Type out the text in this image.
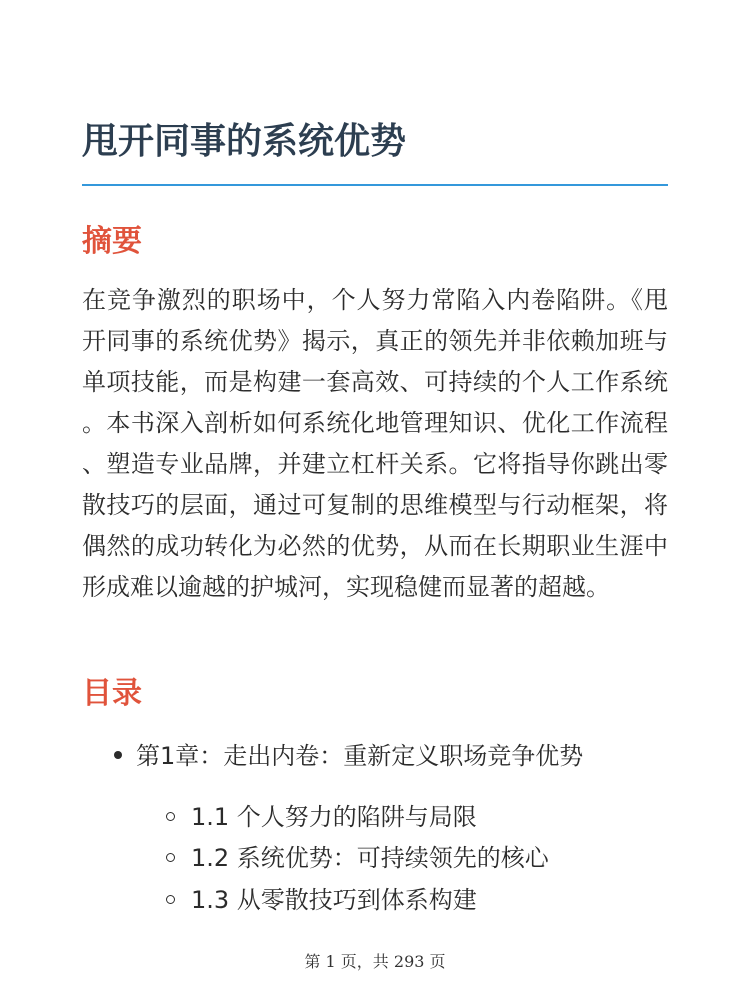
甩开同事的系统优势
摘要

在竞争激烈的职场中，个人努力常陷入内卷陷阱。《甩开同事的系统优势》揭示，真正的领先并非依赖加班与单项技能，而是构建一套高效、可持续的个人工作系统。本书深入剖析如何系统化地管理知识、优化工作流程、塑造专业品牌，并建立杠杆关系。它将指导你跳出零散技巧的层面，通过可复制的思维模型与行动框架，将偶然的成功转化为必然的优势，从而在长期职业生涯中形成难以逾越的护城河，实现稳健而显著的超越。

目录
第1章：走出内卷：重新定义职场竞争优势
1.1 个人努力的陷阱与局限
1.2 系统优势：可持续领先的核心
1.3 从零散技巧到体系构建
第 1 页，共 293 页
